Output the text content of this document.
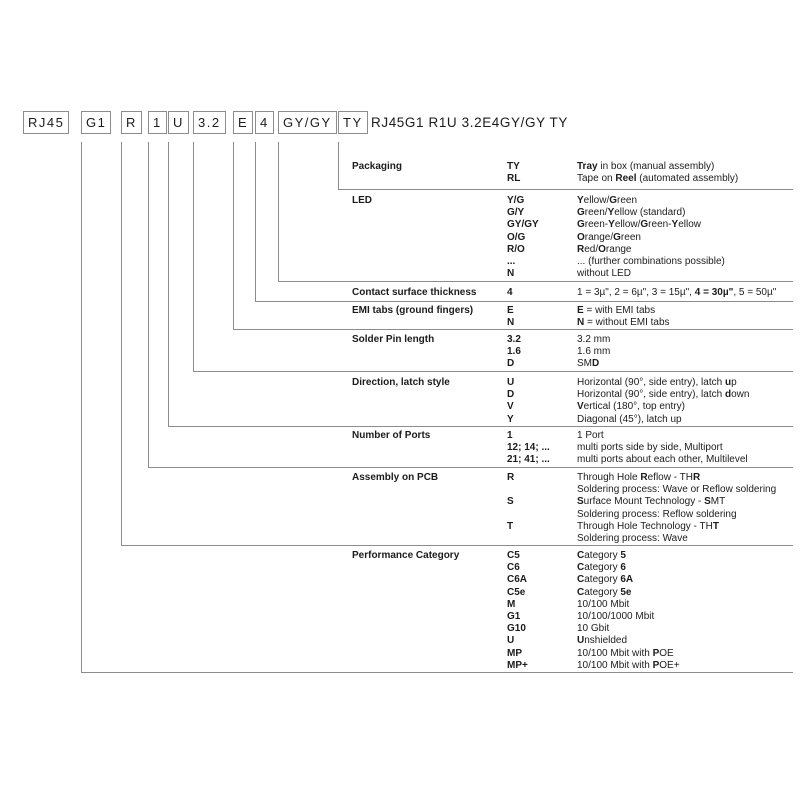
RJ45	G1	R	1 U	3.2	E 4	GY/GY TY RJ45G1 R1U 3.2E4GY/GY TY
Packaging	TY	Tray in box (manual assembly)
RL	Tape on Reel (automated assembly)
LED	Y/G	Yellow/Green
G/Y	Green/Yellow (standard)
GY/GY	Green-Yellow/Green-Yellow
O/G	Orange/Green
R/O	Red/Orange
...	... (further combinations possible)
N	without LED
Contact surface thickness	4	1 = 3µ", 2 = 6µ", 3 = 15µ", 4 = 30µ", 5 = 50µ"
EMI tabs (ground fingers)	E	E = with EMI tabs
N	N = without EMI tabs
Solder Pin length	3.2	3.2 mm
1.6	1.6 mm
D	SMD
Direction, latch style	U	Horizontal (90°, side entry), latch up
D	Horizontal (90°, side entry), latch down
V	Vertical (180°, top entry)
Y	Diagonal (45°), latch up
Number of Ports	1	1 Port
12; 14; ...	multi ports side by side, Multiport
21; 41; ...	multi ports about each other, Multilevel
Assembly on PCB	R	Through Hole Reflow - THR
Soldering process: Wave or Reflow soldering
S	Surface Mount Technology - SMT
Soldering process: Reflow soldering
T	Through Hole Technology - THT
Soldering process: Wave
Performance Category	C5	Category 5
C6	Category 6
C6A	Category 6A
C5e	Category 5e
M	10/100 Mbit
G1	10/100/1000 Mbit
G10	10 Gbit
U	Unshielded
MP	10/100 Mbit with POE
MP+	10/100 Mbit with POE+
